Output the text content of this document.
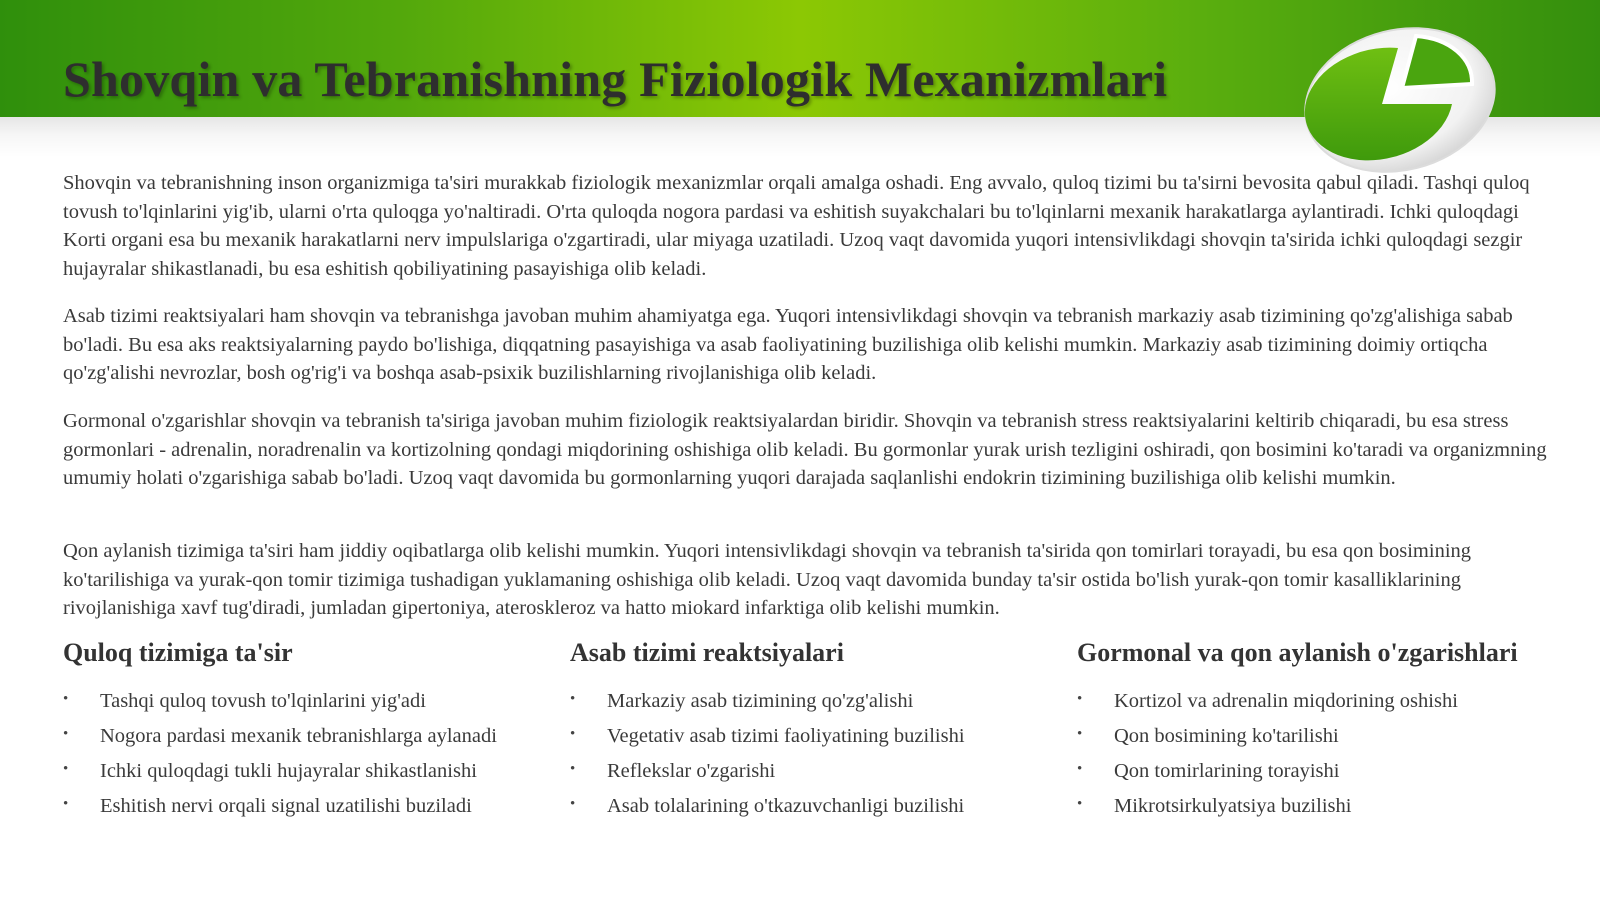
Shovqin va Tebranishning Fiziologik Mexanizmlari

Shovqin va tebranishning inson organizmiga ta'siri murakkab fiziologik mexanizmlar orqali amalga oshadi. Eng avvalo, quloq tizimi bu ta'sirni bevosita qabul qiladi. Tashqi quloq tovush to'lqinlarini yig'ib, ularni o'rta quloqga yo'naltiradi. O'rta quloqda nogora pardasi va eshitish suyakchalari bu to'lqinlarni mexanik harakatlarga aylantiradi. Ichki quloqdagi Korti organi esa bu mexanik harakatlarni nerv impulslariga o'zgartiradi, ular miyaga uzatiladi. Uzoq vaqt davomida yuqori intensivlikdagi shovqin ta'sirida ichki quloqdagi sezgir hujayralar shikastlanadi, bu esa eshitish qobiliyatining pasayishiga olib keladi.

Asab tizimi reaktsiyalari ham shovqin va tebranishga javoban muhim ahamiyatga ega. Yuqori intensivlikdagi shovqin va tebranish markaziy asab tizimining qo'zg'alishiga sabab bo'ladi. Bu esa aks reaktsiyalarning paydo bo'lishiga, diqqatning pasayishiga va asab faoliyatining buzilishiga olib kelishi mumkin. Markaziy asab tizimining doimiy ortiqcha qo'zg'alishi nevrozlar, bosh og'rig'i va boshqa asab-psixik buzilishlarning rivojlanishiga olib keladi.

Gormonal o'zgarishlar shovqin va tebranish ta'siriga javoban muhim fiziologik reaktsiyalardan biridir. Shovqin va tebranish stress reaktsiyalarini keltirib chiqaradi, bu esa stress gormonlari - adrenalin, noradrenalin va kortizolning qondagi miqdorining oshishiga olib keladi. Bu gormonlar yurak urish tezligini oshiradi, qon bosimini ko'taradi va organizmning umumiy holati o'zgarishiga sabab bo'ladi. Uzoq vaqt davomida bu gormonlarning yuqori darajada saqlanlishi endokrin tizimining buzilishiga olib kelishi mumkin.

Qon aylanish tizimiga ta'siri ham jiddiy oqibatlarga olib kelishi mumkin. Yuqori intensivlikdagi shovqin va tebranish ta'sirida qon tomirlari torayadi, bu esa qon bosimining ko'tarilishiga va yurak-qon tomir tizimiga tushadigan yuklamaning oshishiga olib keladi. Uzoq vaqt davomida bunday ta'sir ostida bo'lish yurak-qon tomir kasalliklarining rivojlanishiga xavf tug'diradi, jumladan gipertoniya, ateroskleroz va hatto miokard infarktiga olib kelishi mumkin.

Quloq tizimiga ta'sir
• Tashqi quloq tovush to'lqinlarini yig'adi
• Nogora pardasi mexanik tebranishlarga aylanadi
• Ichki quloqdagi tukli hujayralar shikastlanishi
• Eshitish nervi orqali signal uzatilishi buziladi
Asab tizimi reaktsiyalari
• Markaziy asab tizimining qo'zg'alishi
• Vegetativ asab tizimi faoliyatining buzilishi
• Reflekslar o'zgarishi
• Asab tolalarining o'tkazuvchanligi buzilishi
Gormonal va qon aylanish o'zgarishlari
• Kortizol va adrenalin miqdorining oshishi
• Qon bosimining ko'tarilishi
• Qon tomirlarining torayishi
• Mikrotsirkulyatsiya buzilishi
